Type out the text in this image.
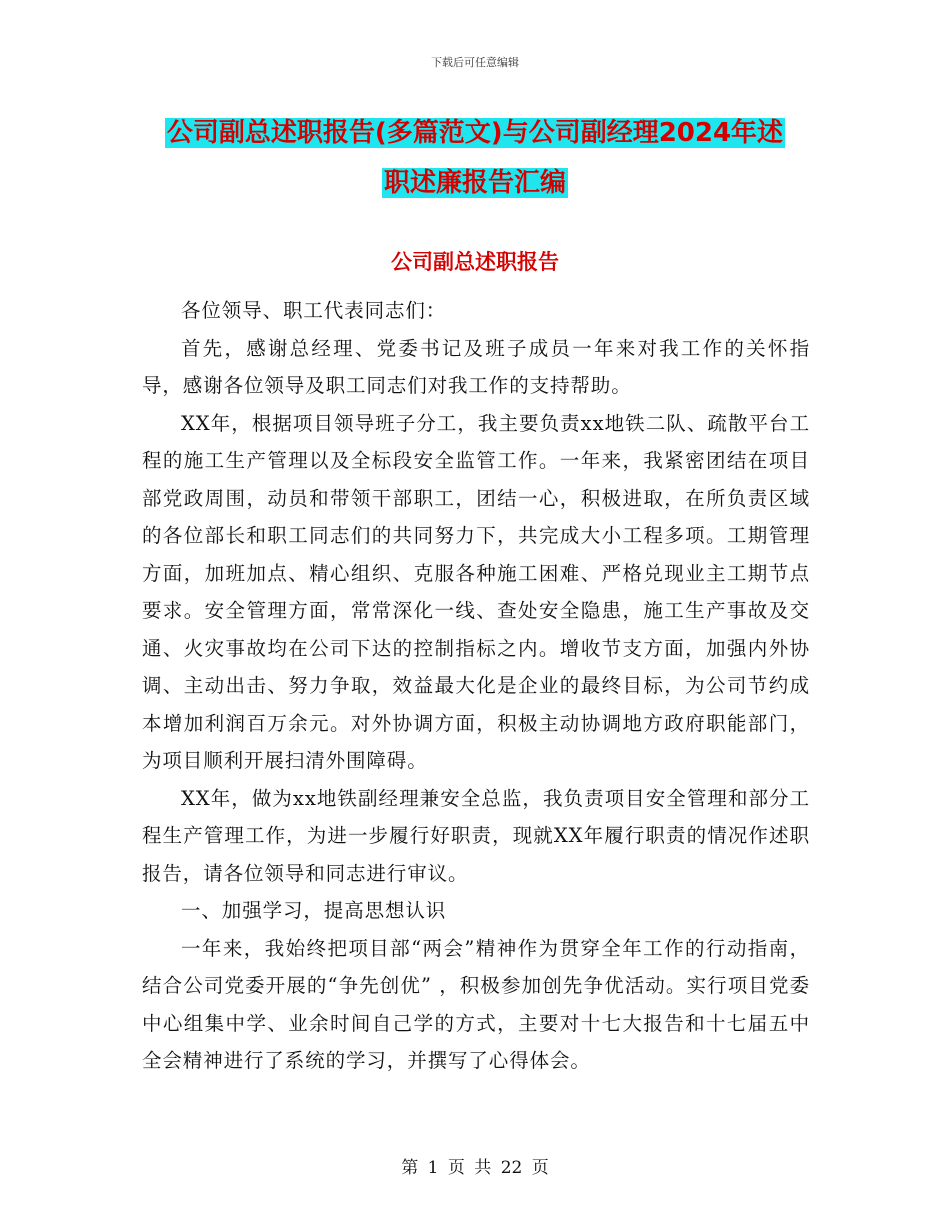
下载后可任意编辑
公司副总述职报告(多篇范文)与公司副经理2024年述
职述廉报告汇编
公司副总述职报告

各位领导、职工代表同志们：

首先，感谢总经理、党委书记及班子成员一年来对我工作的关怀指导，感谢各位领导及职工同志们对我工作的支持帮助。

XX年，根据项目领导班子分工，我主要负责xx地铁二队、疏散平台工程的施工生产管理以及全标段安全监管工作。一年来，我紧密团结在项目部党政周围，动员和带领干部职工，团结一心，积极进取，在所负责区域的各位部长和职工同志们的共同努力下，共完成大小工程多项。工期管理方面，加班加点、精心组织、克服各种施工困难、严格兑现业主工期节点要求。安全管理方面，常常深化一线、查处安全隐患，施工生产事故及交通、火灾事故均在公司下达的控制指标之内。增收节支方面，加强内外协调、主动出击、努力争取，效益最大化是企业的最终目标，为公司节约成本增加利润百万余元。对外协调方面，积极主动协调地方政府职能部门，为项目顺利开展扫清外围障碍。

XX年，做为xx地铁副经理兼安全总监，我负责项目安全管理和部分工程生产管理工作，为进一步履行好职责，现就XX年履行职责的情况作述职报告，请各位领导和同志进行审议。

一、加强学习，提高思想认识

一年来，我始终把项目部“两会”精神作为贯穿全年工作的行动指南，结合公司党委开展的“争先创优” ，积极参加创先争优活动。实行项目党委中心组集中学、业余时间自己学的方式，主要对十七大报告和十七届五中全会精神进行了系统的学习，并撰写了心得体会。

第 1 页 共 22 页
